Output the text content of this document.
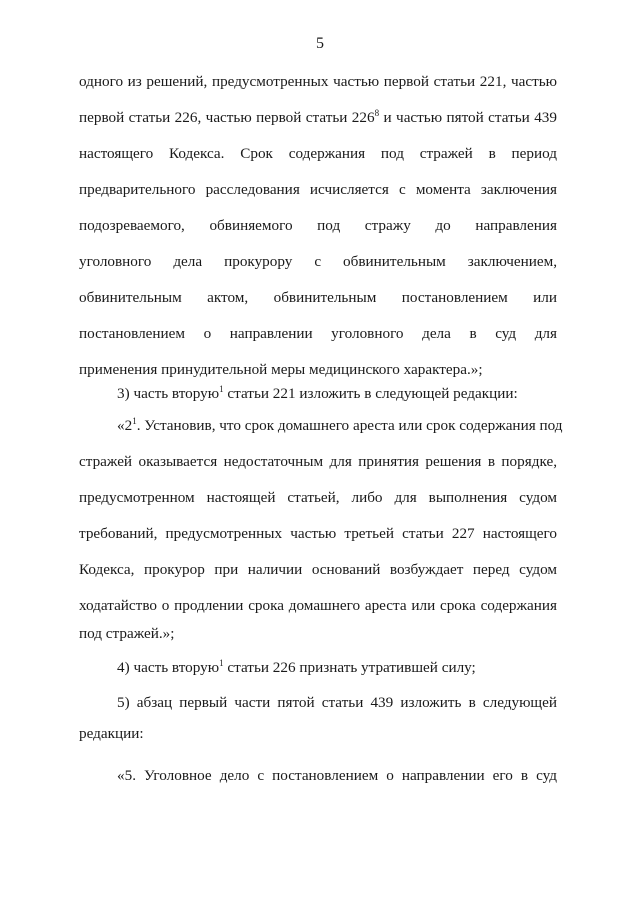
5
одного из решений, предусмотренных частью первой статьи 221, частью
первой статьи 226, частью первой статьи $226^8$ и частью пятой статьи 439
настоящего Кодекса. Срок содержания под стражей в период
предварительного расследования исчисляется с момента заключения
подозреваемого, обвиняемого под стражу до направления
уголовного дела прокурору с обвинительным заключением,
обвинительным актом, обвинительным постановлением или
постановлением о направлении уголовного дела в суд для
применения принудительной меры медицинского характера.»;
3) часть вторую$^1$ статьи 221 изложить в следующей редакции:
«$2^1$. Установив, что срок домашнего ареста или срок содержания под
стражей оказывается недостаточным для принятия решения в порядке,
предусмотренном настоящей статьей, либо для выполнения судом
требований, предусмотренных частью третьей статьи 227 настоящего
Кодекса, прокурор при наличии оснований возбуждает перед судом
ходатайство о продлении срока домашнего ареста или срока содержания
под стражей.»;
4) часть вторую$^1$ статьи 226 признать утратившей силу;
5) абзац первый части пятой статьи 439 изложить в следующей
редакции:
«5. Уголовное дело с постановлением о направлении его в суд
